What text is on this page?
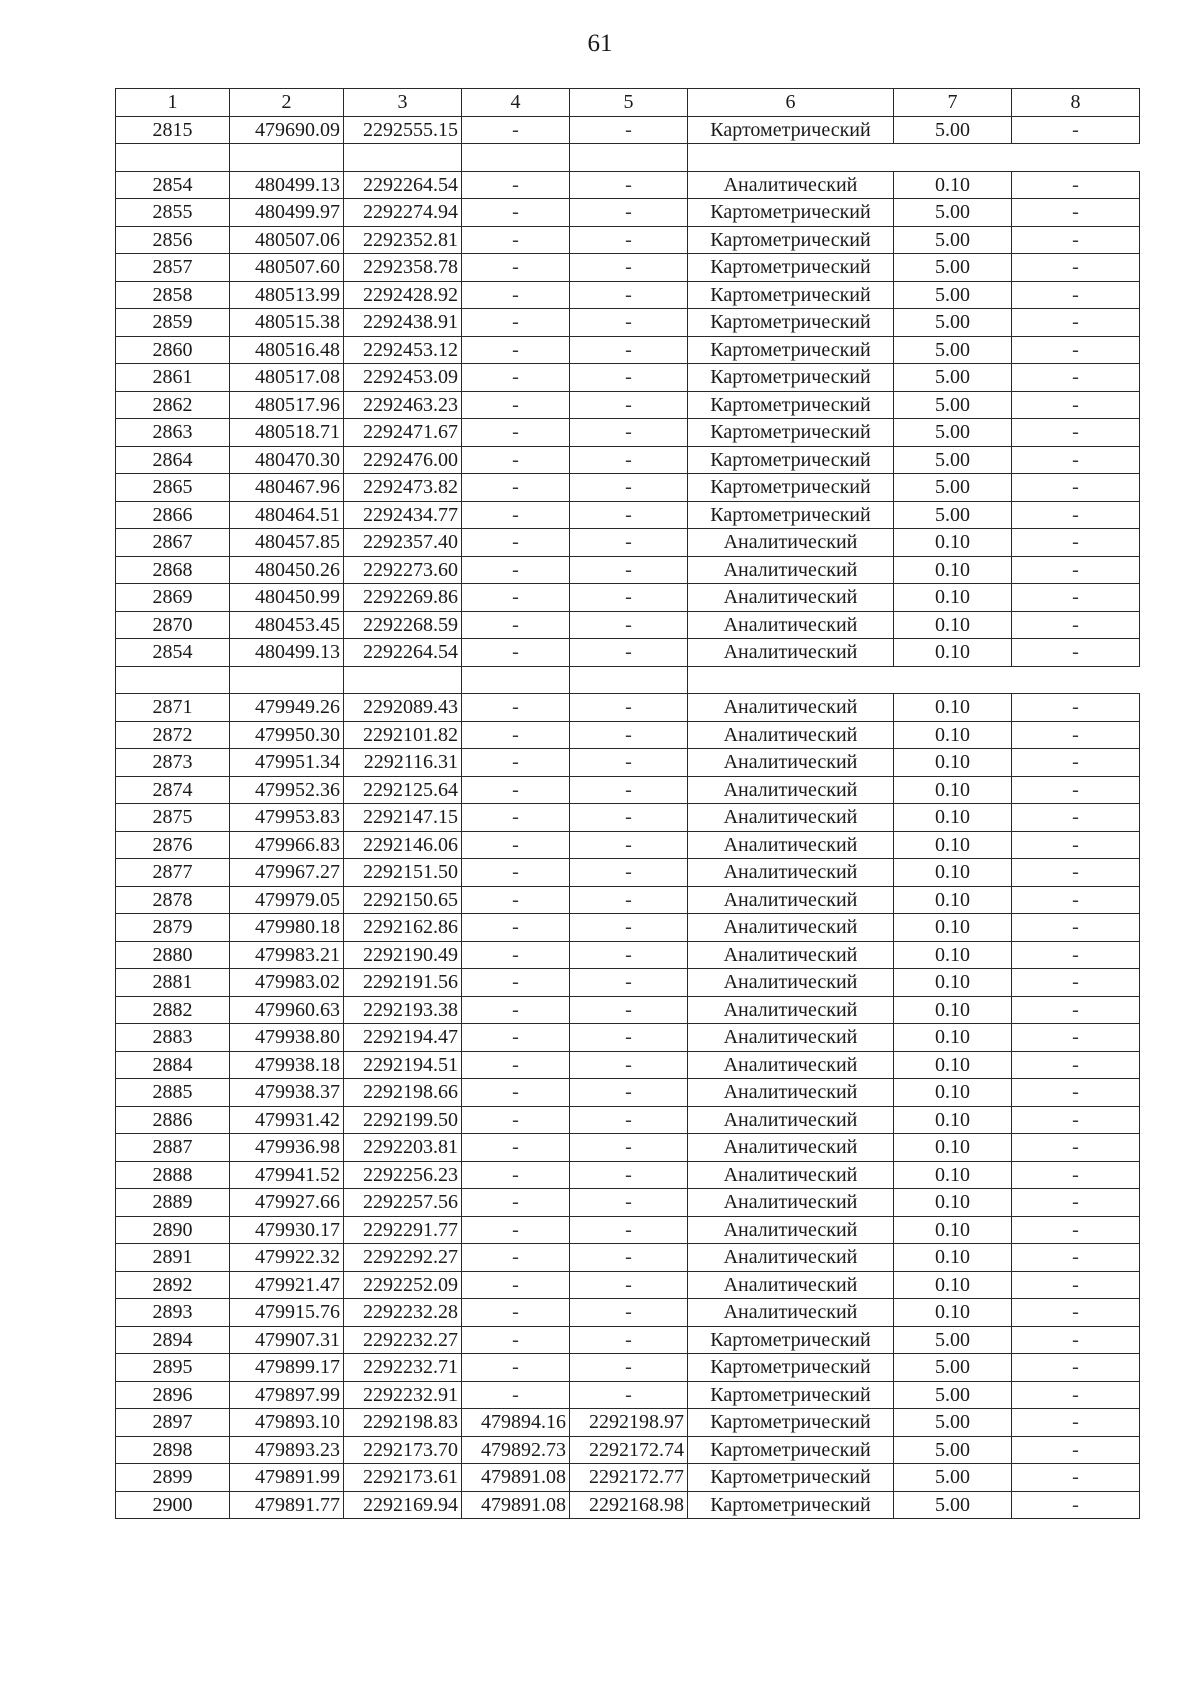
61
1	2	3	4	5	6	7	8
2815	479690.09	2292555.15	-	-	Картометрический	5.00	-

2854	480499.13	2292264.54	-	-	Аналитический	0.10	-
2855	480499.97	2292274.94	-	-	Картометрический	5.00	-
2856	480507.06	2292352.81	-	-	Картометрический	5.00	-
2857	480507.60	2292358.78	-	-	Картометрический	5.00	-
2858	480513.99	2292428.92	-	-	Картометрический	5.00	-
2859	480515.38	2292438.91	-	-	Картометрический	5.00	-
2860	480516.48	2292453.12	-	-	Картометрический	5.00	-
2861	480517.08	2292453.09	-	-	Картометрический	5.00	-
2862	480517.96	2292463.23	-	-	Картометрический	5.00	-
2863	480518.71	2292471.67	-	-	Картометрический	5.00	-
2864	480470.30	2292476.00	-	-	Картометрический	5.00	-
2865	480467.96	2292473.82	-	-	Картометрический	5.00	-
2866	480464.51	2292434.77	-	-	Картометрический	5.00	-
2867	480457.85	2292357.40	-	-	Аналитический	0.10	-
2868	480450.26	2292273.60	-	-	Аналитический	0.10	-
2869	480450.99	2292269.86	-	-	Аналитический	0.10	-
2870	480453.45	2292268.59	-	-	Аналитический	0.10	-
2854	480499.13	2292264.54	-	-	Аналитический	0.10	-

2871	479949.26	2292089.43	-	-	Аналитический	0.10	-
2872	479950.30	2292101.82	-	-	Аналитический	0.10	-
2873	479951.34	2292116.31	-	-	Аналитический	0.10	-
2874	479952.36	2292125.64	-	-	Аналитический	0.10	-
2875	479953.83	2292147.15	-	-	Аналитический	0.10	-
2876	479966.83	2292146.06	-	-	Аналитический	0.10	-
2877	479967.27	2292151.50	-	-	Аналитический	0.10	-
2878	479979.05	2292150.65	-	-	Аналитический	0.10	-
2879	479980.18	2292162.86	-	-	Аналитический	0.10	-
2880	479983.21	2292190.49	-	-	Аналитический	0.10	-
2881	479983.02	2292191.56	-	-	Аналитический	0.10	-
2882	479960.63	2292193.38	-	-	Аналитический	0.10	-
2883	479938.80	2292194.47	-	-	Аналитический	0.10	-
2884	479938.18	2292194.51	-	-	Аналитический	0.10	-
2885	479938.37	2292198.66	-	-	Аналитический	0.10	-
2886	479931.42	2292199.50	-	-	Аналитический	0.10	-
2887	479936.98	2292203.81	-	-	Аналитический	0.10	-
2888	479941.52	2292256.23	-	-	Аналитический	0.10	-
2889	479927.66	2292257.56	-	-	Аналитический	0.10	-
2890	479930.17	2292291.77	-	-	Аналитический	0.10	-
2891	479922.32	2292292.27	-	-	Аналитический	0.10	-
2892	479921.47	2292252.09	-	-	Аналитический	0.10	-
2893	479915.76	2292232.28	-	-	Аналитический	0.10	-
2894	479907.31	2292232.27	-	-	Картометрический	5.00	-
2895	479899.17	2292232.71	-	-	Картометрический	5.00	-
2896	479897.99	2292232.91	-	-	Картометрический	5.00	-
2897	479893.10	2292198.83	479894.16	2292198.97	Картометрический	5.00	-
2898	479893.23	2292173.70	479892.73	2292172.74	Картометрический	5.00	-
2899	479891.99	2292173.61	479891.08	2292172.77	Картометрический	5.00	-
2900	479891.77	2292169.94	479891.08	2292168.98	Картометрический	5.00	-
